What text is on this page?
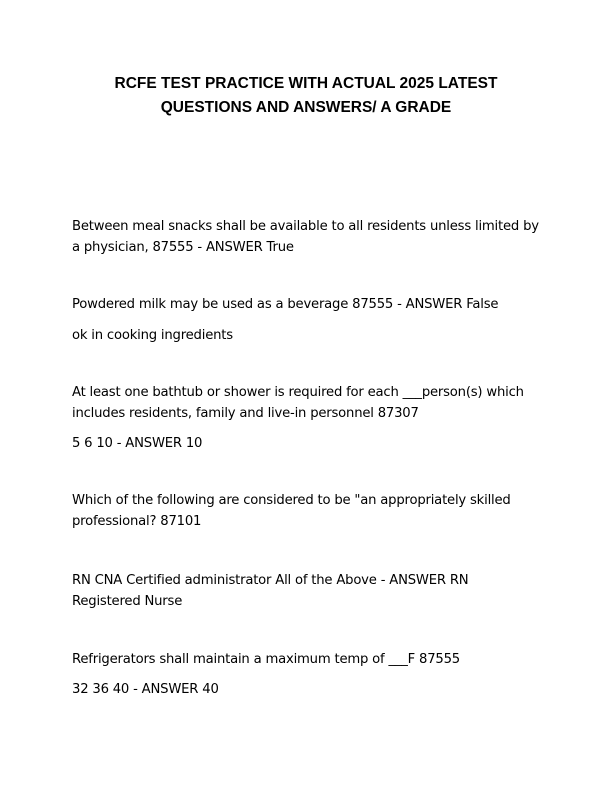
RCFE TEST PRACTICE WITH ACTUAL 2025 LATEST
QUESTIONS AND ANSWERS/ A GRADE
Between meal snacks shall be available to all residents unless limited by
a physician, 87555 - ANSWER True
Powdered milk may be used as a beverage 87555 - ANSWER False
ok in cooking ingredients
At least one bathtub or shower is required for each ___person(s) which
includes residents, family and live-in personnel 87307
5 6 10 - ANSWER 10
Which of the following are considered to be "an appropriately skilled
professional? 87101
RN CNA Certified administrator All of the Above - ANSWER RN
Registered Nurse
Refrigerators shall maintain a maximum temp of ___F 87555
32 36 40 - ANSWER 40
